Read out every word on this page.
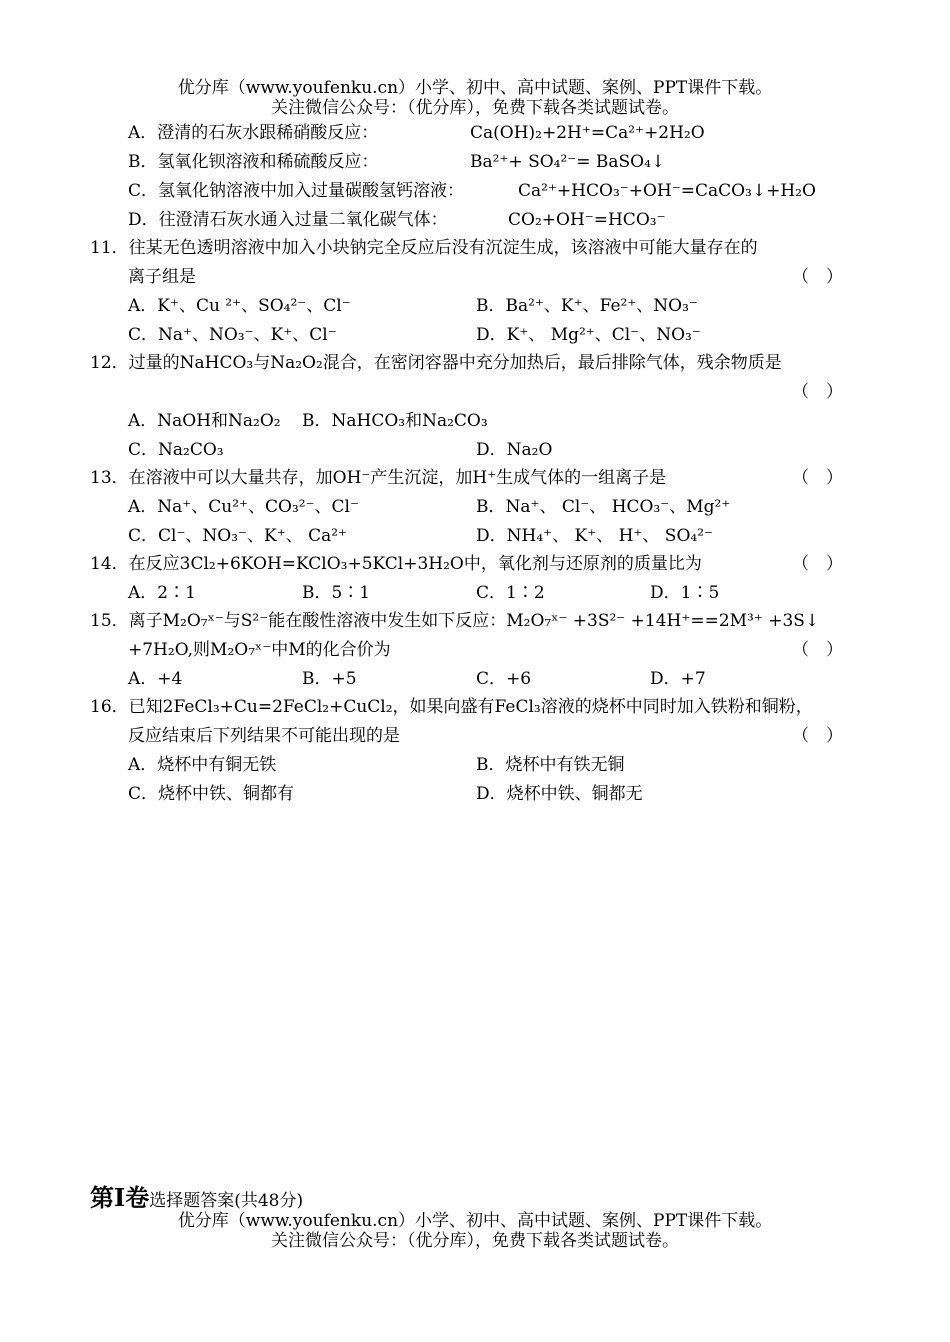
优分库（www.youfenku.cn）小学、初中、高中试题、案例、PPT课件下载。
关注微信公众号：（优分库），免费下载各类试题试卷。
A．澄清的石灰水跟稀硝酸反应：	Ca(OH)₂+2H⁺=Ca²⁺+2H₂O
B．氢氧化钡溶液和稀硫酸反应：	Ba²⁺+ SO₄²⁻= BaSO₄↓
C．氢氧化钠溶液中加入过量碳酸氢钙溶液：	Ca²⁺+HCO₃⁻+OH⁻=CaCO₃↓+H₂O
D．往澄清石灰水通入过量二氧化碳气体：	CO₂+OH⁻=HCO₃⁻
11．往某无色透明溶液中加入小块钠完全反应后没有沉淀生成，该溶液中可能大量存在的
离子组是	（　）
A．K⁺、Cu ²⁺、SO₄²⁻、Cl⁻	B．Ba²⁺、K⁺、Fe²⁺、NO₃⁻
C．Na⁺、NO₃⁻、K⁺、Cl⁻	D．K⁺、 Mg²⁺、Cl⁻、NO₃⁻
12．过量的NaHCO₃与Na₂O₂混合，在密闭容器中充分加热后，最后排除气体，残余物质是
（　）
A．NaOH和Na₂O₂ B．NaHCO₃和Na₂CO₃
C．Na₂CO₃	D．Na₂O
13．在溶液中可以大量共存，加OH⁻产生沉淀，加H⁺生成气体的一组离子是	（　）
A．Na⁺、Cu²⁺、CO₃²⁻、Cl⁻	B．Na⁺、 Cl⁻、 HCO₃⁻、Mg²⁺
C．Cl⁻、NO₃⁻、K⁺、 Ca²⁺	D．NH₄⁺、 K⁺、 H⁺、 SO₄²⁻
14．在反应3Cl₂+6KOH=KClO₃+5KCl+3H₂O中，氧化剂与还原剂的质量比为	（　）
A．2∶1	B．5∶1	C．1∶2	D．1∶5
15．离子M₂O₇ˣ⁻与S²⁻能在酸性溶液中发生如下反应：M₂O₇ˣ⁻ +3S²⁻ +14H⁺==2M³⁺ +3S↓
+7H₂O,则M₂O₇ˣ⁻中M的化合价为	（　）
A．+4	B．+5	C．+6	D．+7
16．已知2FeCl₃+Cu=2FeCl₂+CuCl₂，如果向盛有FeCl₃溶液的烧杯中同时加入铁粉和铜粉，
反应结束后下列结果不可能出现的是	（　）
A．烧杯中有铜无铁	B．烧杯中有铁无铜
C．烧杯中铁、铜都有	D．烧杯中铁、铜都无
第Ⅰ卷选择题答案(共48分)
优分库（www.youfenku.cn）小学、初中、高中试题、案例、PPT课件下载。
关注微信公众号：（优分库），免费下载各类试题试卷。
